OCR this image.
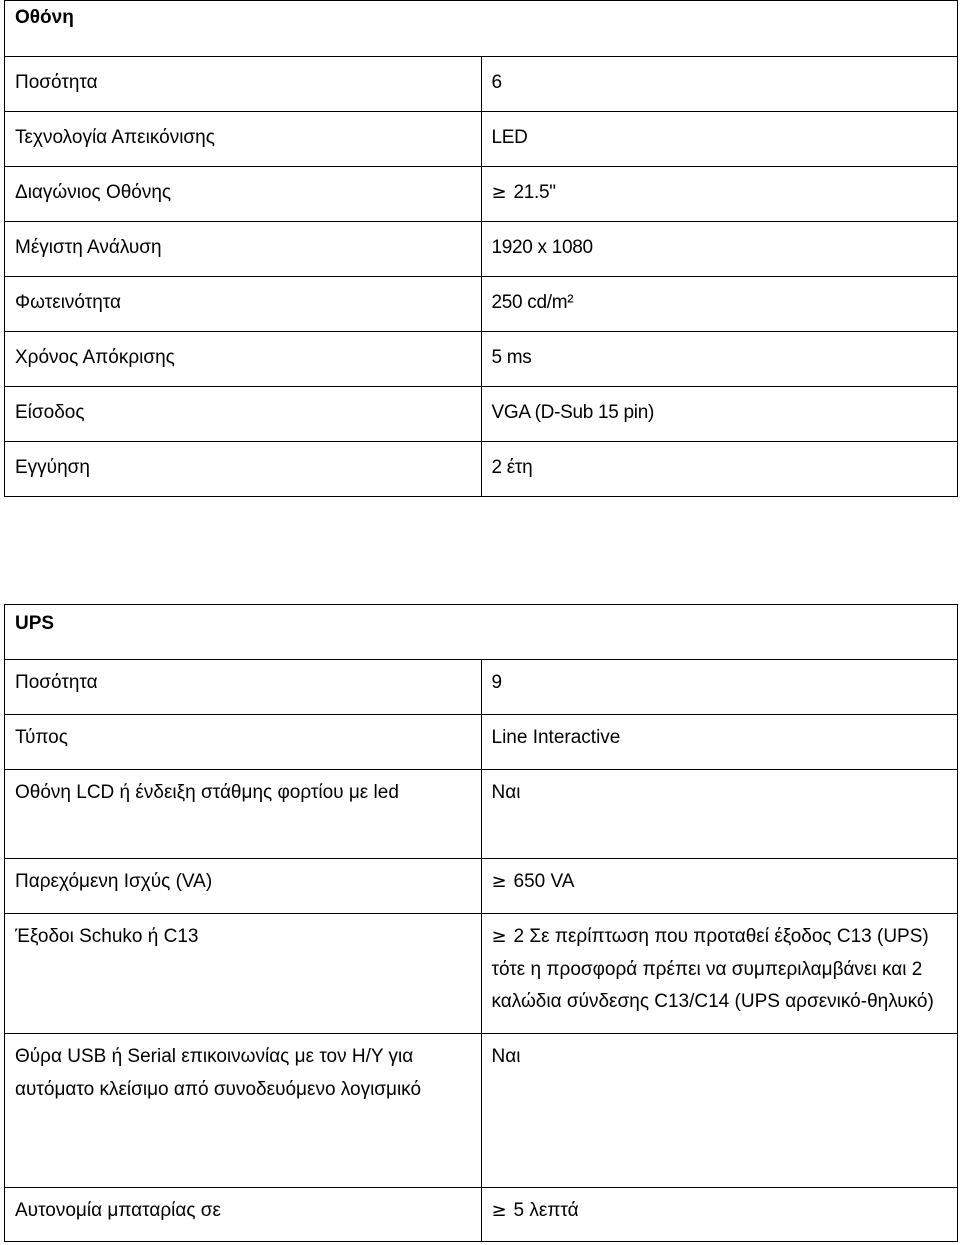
Οθόνη	
Ποσότητα	6
Τεχνολογία Απεικόνισης	LED
Διαγώνιος Οθόνης	≥ 21.5"
Μέγιστη Ανάλυση	1920 x 1080
Φωτεινότητα	250 cd/m²
Χρόνος Απόκρισης	5 ms
Είσοδος	VGA (D-Sub 15 pin)
Εγγύηση	2 έτη
UPS	
Ποσότητα	9
Τύπος	Line Interactive
Οθόνη LCD ή ένδειξη στάθμης φορτίου με led	Ναι
Παρεχόμενη Ισχύς (VA)	≥ 650 VA
Έξοδοι Schuko ή C13	≥ 2 Σε περίπτωση που προταθεί έξοδος C13 (UPS) τότε η προσφορά πρέπει να συμπεριλαμβάνει και 2 καλώδια σύνδεσης C13/C14 (UPS αρσενικό-θηλυκό)
Θύρα USB ή Serial επικοινωνίας με τον Η/Υ για αυτόματο κλείσιμο από συνοδευόμενο λογισμικό	Ναι
Αυτονομία μπαταρίας σε	≥ 5 λεπτά
